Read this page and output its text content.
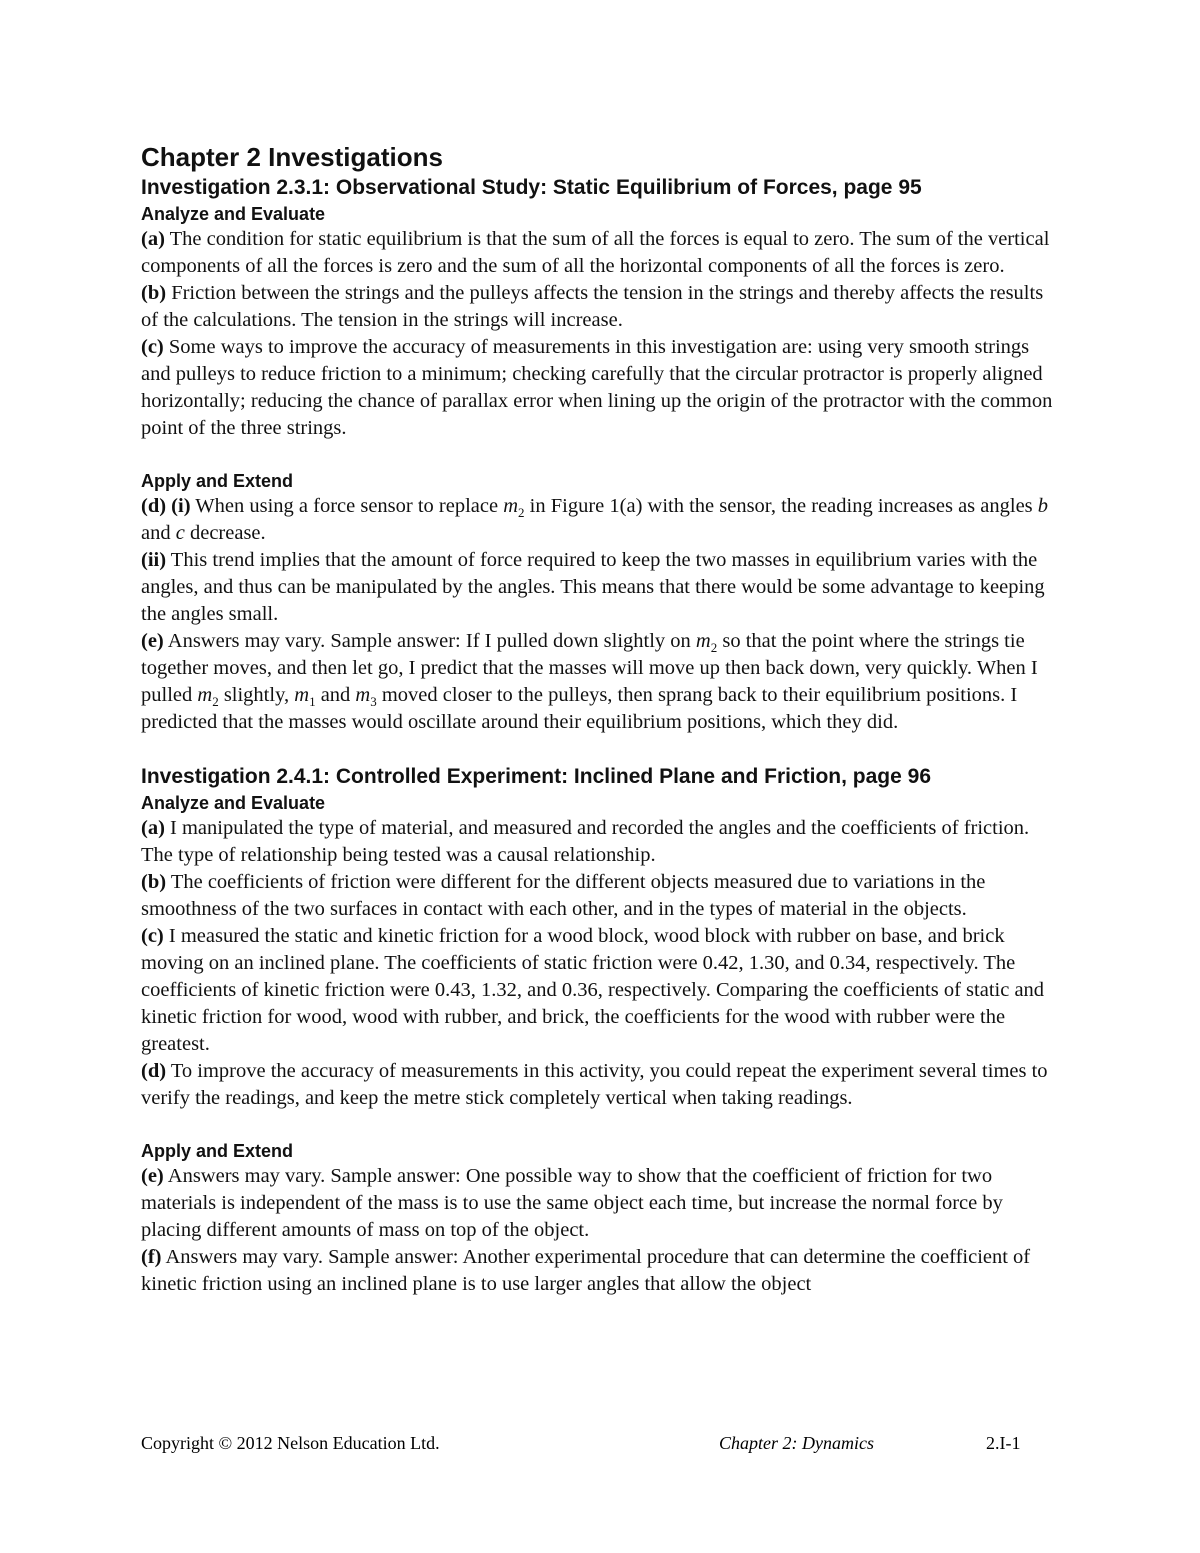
Chapter 2 Investigations
Investigation 2.3.1: Observational Study: Static Equilibrium of Forces, page 95
Analyze and Evaluate

(a) The condition for static equilibrium is that the sum of all the forces is equal to zero. The sum of the vertical components of all the forces is zero and the sum of all the horizontal components of all the forces is zero.

(b) Friction between the strings and the pulleys affects the tension in the strings and thereby affects the results of the calculations. The tension in the strings will increase.

(c) Some ways to improve the accuracy of measurements in this investigation are: using very smooth strings and pulleys to reduce friction to a minimum; checking carefully that the circular protractor is properly aligned horizontally; reducing the chance of parallax error when lining up the origin of the protractor with the common point of the three strings.

Apply and Extend

(d) (i) When using a force sensor to replace $m_2$ in Figure 1(a) with the sensor, the reading increases as angles b and c decrease.

(ii) This trend implies that the amount of force required to keep the two masses in equilibrium varies with the angles, and thus can be manipulated by the angles. This means that there would be some advantage to keeping the angles small.

(e) Answers may vary. Sample answer: If I pulled down slightly on $m_2$ so that the point where the strings tie together moves, and then let go, I predict that the masses will move up then back down, very quickly. When I pulled $m_2$ slightly, $m_1$ and $m_3$ moved closer to the pulleys, then sprang back to their equilibrium positions. I predicted that the masses would oscillate around their equilibrium positions, which they did.

Investigation 2.4.1: Controlled Experiment: Inclined Plane and Friction, page 96
Analyze and Evaluate

(a) I manipulated the type of material, and measured and recorded the angles and the coefficients of friction. The type of relationship being tested was a causal relationship.

(b) The coefficients of friction were different for the different objects measured due to variations in the smoothness of the two surfaces in contact with each other, and in the types of material in the objects.

(c) I measured the static and kinetic friction for a wood block, wood block with rubber on base, and brick moving on an inclined plane. The coefficients of static friction were 0.42, 1.30, and 0.34, respectively. The coefficients of kinetic friction were 0.43, 1.32, and 0.36, respectively. Comparing the coefficients of static and kinetic friction for wood, wood with rubber, and brick, the coefficients for the wood with rubber were the greatest.

(d) To improve the accuracy of measurements in this activity, you could repeat the experiment several times to verify the readings, and keep the metre stick completely vertical when taking readings.

Apply and Extend

(e) Answers may vary. Sample answer: One possible way to show that the coefficient of friction for two materials is independent of the mass is to use the same object each time, but increase the normal force by placing different amounts of mass on top of the object.

(f) Answers may vary. Sample answer: Another experimental procedure that can determine the coefficient of kinetic friction using an inclined plane is to use larger angles that allow the object

Copyright © 2012 Nelson Education Ltd.	Chapter 2: Dynamics	2.I-1
